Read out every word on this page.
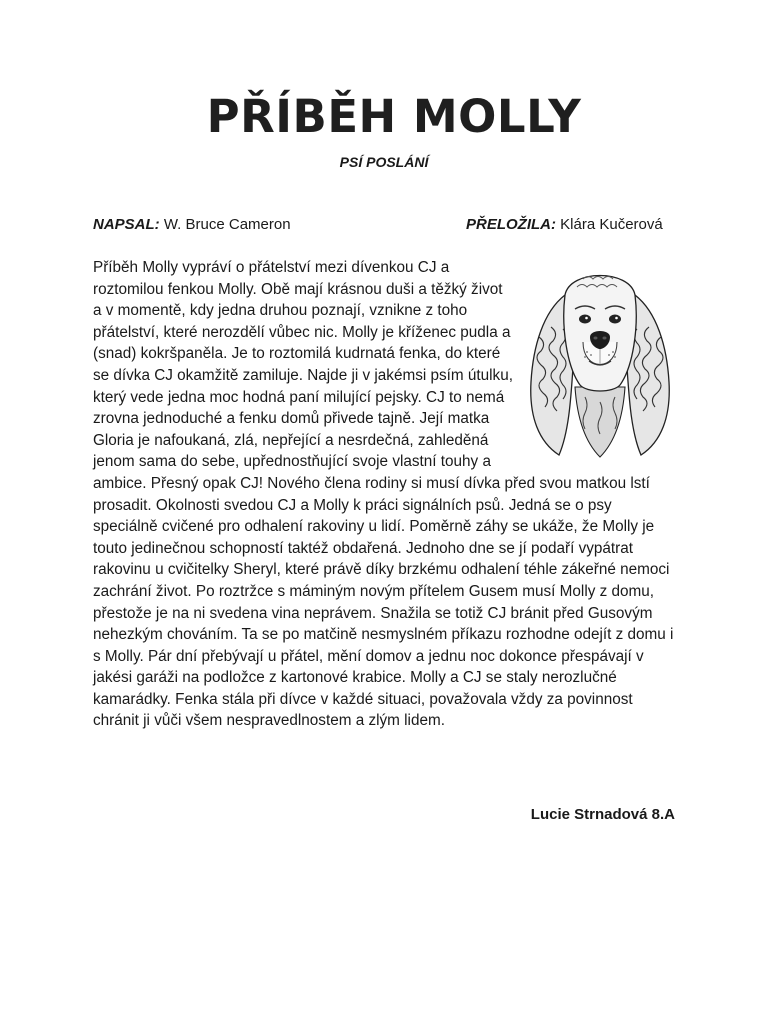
PŘÍBĚH MOLLY
PSÍ POSLÁNÍ
NAPSAL: W. Bruce Cameron	PŘELOŽILA: Klára Kučerová
Příběh Molly vypráví o přátelství mezi dívenkou CJ a roztomilou fenkou Molly. Obě mají krásnou duši a těžký život a v momentě, kdy jedna druhou poznají, vznikne z toho přátelství, které nerozdělí vůbec nic. Molly je kříženec pudla a (snad) kokršpaněla. Je to roztomilá kudrnatá fenka, do které se dívka CJ okamžitě zamiluje. Najde ji v jakémsi psím útulku, který vede jedna moc hodná paní milující pejsky. CJ to nemá zrovna jednoduché a fenku domů přivede tajně. Její matka Gloria je nafoukaná, zlá, nepřející a nesrdečná, zahleděná jenom sama do sebe, upřednostňující svoje vlastní touhy a ambice. Přesný opak CJ! Nového člena rodiny si musí dívka před svou matkou lstí prosadit. Okolnosti svedou CJ a Molly k práci signálních psů. Jedná se o psy speciálně cvičené pro odhalení rakoviny u lidí. Poměrně záhy se ukáže, že Molly je touto jedinečnou schopností taktéž obdařená. Jednoho dne se jí podaří vypátrat rakovinu u cvičitelky Sheryl, které právě díky brzkému odhalení téhle zákeřné nemoci zachrání život. Po roztržce s máminým novým přítelem Gusem musí Molly z domu, přestože je na ni svedena vina neprávem. Snažila se totiž CJ bránit před Gusovým nehezkým chováním. Ta se po matčině nesmyslném příkazu rozhodne odejít z domu i s Molly. Pár dní přebývají u přátel, mění domov a jednu noc dokonce přespávají v jakési garáži na podložce z kartonové krabice. Molly a CJ se staly nerozlučné kamarádky. Fenka stála při dívce v každé situaci, považovala vždy za povinnost chránit ji vůči všem nespravedlnostem a zlým lidem.
Lucie Strnadová 8.A
